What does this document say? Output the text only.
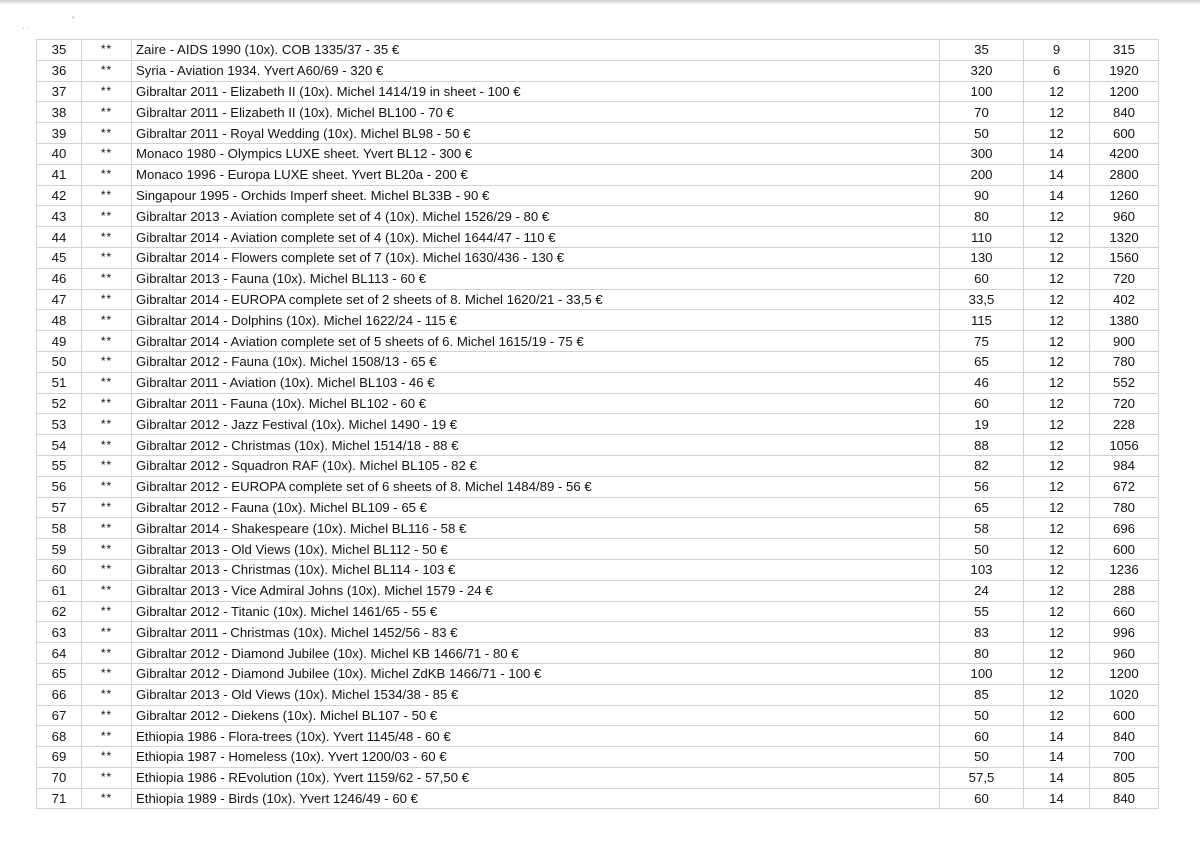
· ·
˚
35	**	Zaire - AIDS 1990 (10x). COB 1335/37 - 35 €	35	9	315
36	**	Syria - Aviation 1934. Yvert A60/69 - 320 €	320	6	1920
37	**	Gibraltar 2011 - Elizabeth II (10x). Michel 1414/19 in sheet - 100 €	100	12	1200
38	**	Gibraltar 2011 - Elizabeth II (10x). Michel BL100 - 70 €	70	12	840
39	**	Gibraltar 2011 - Royal Wedding (10x). Michel BL98 - 50 €	50	12	600
40	**	Monaco 1980 - Olympics LUXE sheet. Yvert BL12 - 300 €	300	14	4200
41	**	Monaco 1996 - Europa LUXE sheet. Yvert BL20a - 200 €	200	14	2800
42	**	Singapour 1995 - Orchids Imperf sheet. Michel BL33B - 90 €	90	14	1260
43	**	Gibraltar 2013 - Aviation complete set of 4 (10x). Michel 1526/29 - 80 €	80	12	960
44	**	Gibraltar 2014 - Aviation complete set of 4 (10x). Michel 1644/47 - 110 €	110	12	1320
45	**	Gibraltar 2014 - Flowers complete set of 7 (10x). Michel 1630/436 - 130 €	130	12	1560
46	**	Gibraltar 2013 - Fauna (10x). Michel BL113 - 60 €	60	12	720
47	**	Gibraltar 2014 - EUROPA complete set of 2 sheets of 8. Michel 1620/21 - 33,5 €	33,5	12	402
48	**	Gibraltar 2014 - Dolphins (10x). Michel 1622/24 - 115 €	115	12	1380
49	**	Gibraltar 2014 - Aviation complete set of 5 sheets of 6. Michel 1615/19 - 75 €	75	12	900
50	**	Gibraltar 2012 - Fauna (10x). Michel 1508/13 - 65 €	65	12	780
51	**	Gibraltar 2011 - Aviation (10x). Michel BL103 - 46 €	46	12	552
52	**	Gibraltar 2011 - Fauna (10x). Michel BL102 - 60 €	60	12	720
53	**	Gibraltar 2012 - Jazz Festival (10x). Michel 1490 - 19 €	19	12	228
54	**	Gibraltar 2012 - Christmas (10x). Michel 1514/18 - 88 €	88	12	1056
55	**	Gibraltar 2012 - Squadron RAF (10x). Michel BL105 - 82 €	82	12	984
56	**	Gibraltar 2012 - EUROPA complete set of 6 sheets of 8. Michel 1484/89 - 56 €	56	12	672
57	**	Gibraltar 2012 - Fauna (10x). Michel BL109 - 65 €	65	12	780
58	**	Gibraltar 2014 - Shakespeare (10x). Michel BL116 - 58 €	58	12	696
59	**	Gibraltar 2013 - Old Views (10x). Michel BL112 - 50 €	50	12	600
60	**	Gibraltar 2013 - Christmas (10x). Michel BL114 - 103 €	103	12	1236
61	**	Gibraltar 2013 - Vice Admiral Johns (10x). Michel 1579 - 24 €	24	12	288
62	**	Gibraltar 2012 - Titanic (10x). Michel 1461/65 - 55 €	55	12	660
63	**	Gibraltar 2011 - Christmas (10x). Michel 1452/56 - 83 €	83	12	996
64	**	Gibraltar 2012 - Diamond Jubilee (10x). Michel KB 1466/71 - 80 €	80	12	960
65	**	Gibraltar 2012 - Diamond Jubilee (10x). Michel ZdKB 1466/71 - 100 €	100	12	1200
66	**	Gibraltar 2013 - Old Views (10x). Michel 1534/38 - 85 €	85	12	1020
67	**	Gibraltar 2012 - Diekens (10x). Michel BL107 - 50 €	50	12	600
68	**	Ethiopia 1986 - Flora-trees (10x). Yvert 1145/48 - 60 €	60	14	840
69	**	Ethiopia 1987 - Homeless (10x). Yvert 1200/03 - 60 €	50	14	700
70	**	Ethiopia 1986 - REvolution (10x). Yvert 1159/62 - 57,50 €	57,5	14	805
71	**	Ethiopia 1989 - Birds (10x). Yvert 1246/49 - 60 €	60	14	840
